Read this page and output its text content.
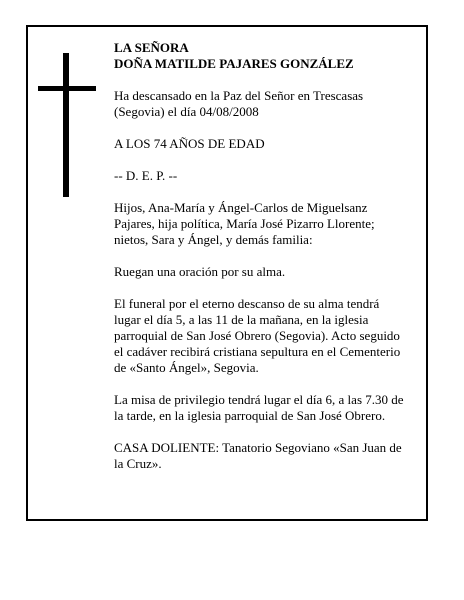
LA SEÑORA
DOÑA MATILDE PAJARES GONZÁLEZ

Ha descansado en la Paz del Señor en Trescasas
(Segovia) el día 04/08/2008

A LOS 74 AÑOS DE EDAD

-- D. E. P. --

Hijos, Ana-María y Ángel-Carlos de Miguelsanz
Pajares, hija política, María José Pizarro Llorente;
nietos, Sara y Ángel, y demás familia:

Ruegan una oración por su alma.

El funeral por el eterno descanso de su alma tendrá
lugar el día 5, a las 11 de la mañana, en la iglesia
parroquial de San José Obrero (Segovia). Acto seguido
el cadáver recibirá cristiana sepultura en el Cementerio
de «Santo Ángel», Segovia.

La misa de privilegio tendrá lugar el día 6, a las 7.30 de
la tarde, en la iglesia parroquial de San José Obrero.

CASA DOLIENTE: Tanatorio Segoviano «San Juan de
la Cruz».
